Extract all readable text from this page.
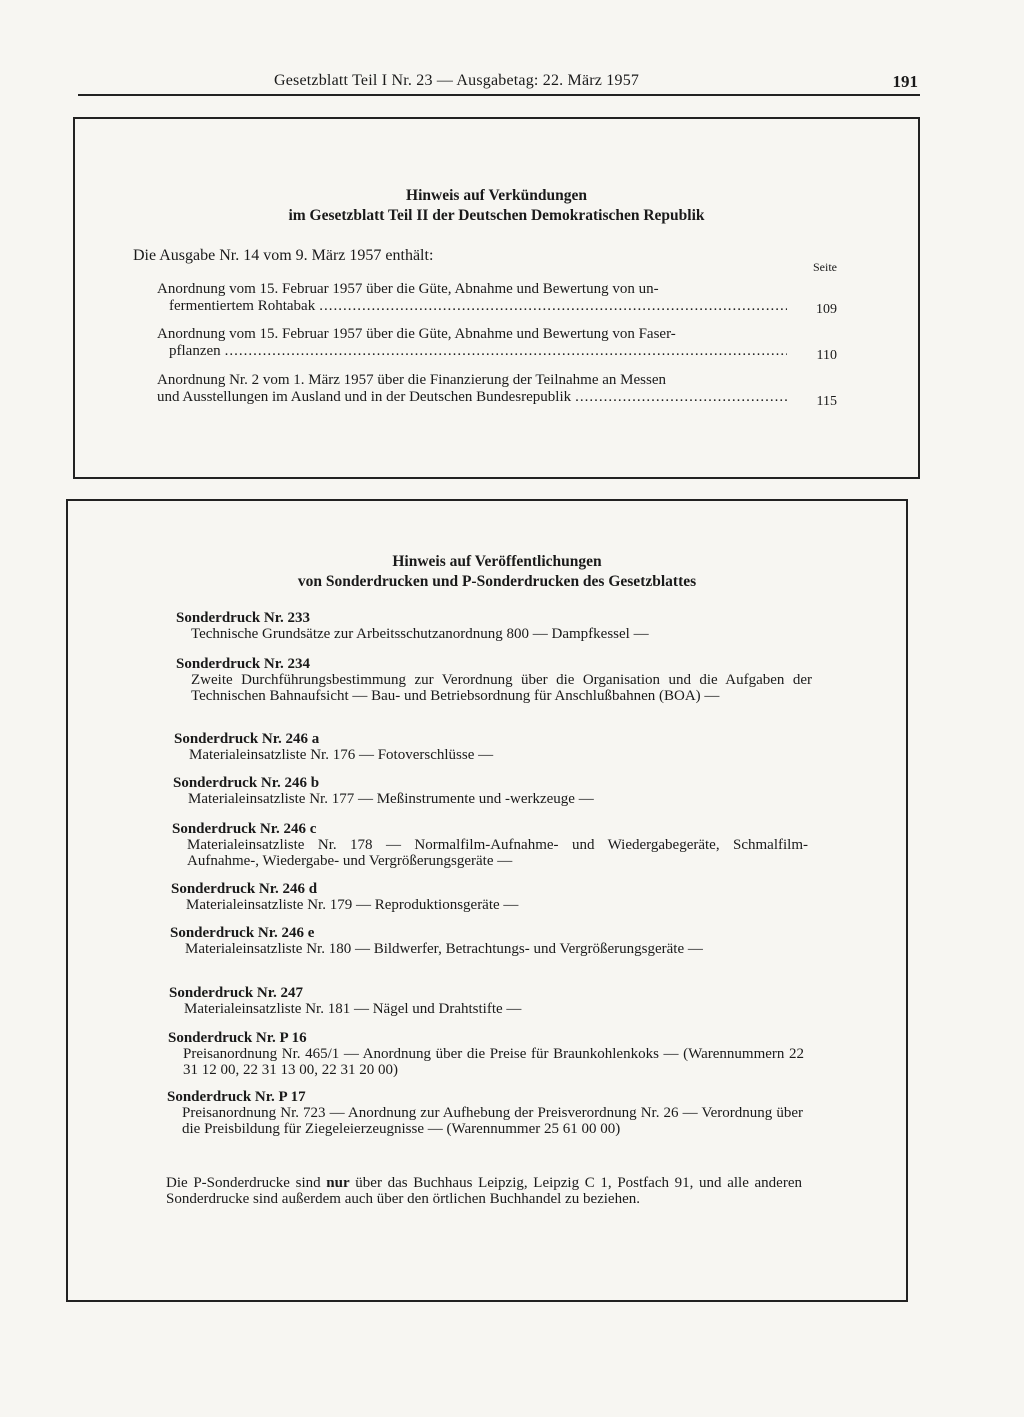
Gesetzblatt Teil I Nr. 23 — Ausgabetag: 22. März 1957	191
Hinweis auf Verkündungen
im Gesetzblatt Teil II der Deutschen Demokratischen Republik
Die Ausgabe Nr. 14 vom 9. März 1957 enthält:
Seite
Anordnung vom 15. Februar 1957 über die Güte, Abnahme und Bewertung von un-
fermentiertem Rohtabak .....	109
Anordnung vom 15. Februar 1957 über die Güte, Abnahme und Bewertung von Faser-
pflanzen .....	110
Anordnung Nr. 2 vom 1. März 1957 über die Finanzierung der Teilnahme an Messen
und Ausstellungen im Ausland und in der Deutschen Bundesrepublik .....	115
Hinweis auf Veröffentlichungen
von Sonderdrucken und P-Sonderdrucken des Gesetzblattes
Sonderdruck Nr. 233
Technische Grundsätze zur Arbeitsschutzanordnung 800 — Dampfkessel —
Sonderdruck Nr. 234
Zweite Durchführungsbestimmung zur Verordnung über die Organisation und die Aufgaben der Technischen Bahnaufsicht — Bau- und Betriebsordnung für Anschlußbahnen (BOA) —
Sonderdruck Nr. 246 a
Materialeinsatzliste Nr. 176 — Fotoverschlüsse —
Sonderdruck Nr. 246 b
Materialeinsatzliste Nr. 177 — Meßinstrumente und -werkzeuge —
Sonderdruck Nr. 246 c
Materialeinsatzliste Nr. 178 — Normalfilm-Aufnahme- und Wiedergabegeräte, Schmalfilm-Aufnahme-, Wiedergabe- und Vergrößerungsgeräte —
Sonderdruck Nr. 246 d
Materialeinsatzliste Nr. 179 — Reproduktionsgeräte —
Sonderdruck Nr. 246 e
Materialeinsatzliste Nr. 180 — Bildwerfer, Betrachtungs- und Vergrößerungsgeräte —
Sonderdruck Nr. 247
Materialeinsatzliste Nr. 181 — Nägel und Drahtstifte —
Sonderdruck Nr. P 16
Preisanordnung Nr. 465/1 — Anordnung über die Preise für Braunkohlenkoks — (Warennummern 22 31 12 00, 22 31 13 00, 22 31 20 00)
Sonderdruck Nr. P 17
Preisanordnung Nr. 723 — Anordnung zur Aufhebung der Preisverordnung Nr. 26 — Verordnung über die Preisbildung für Ziegeleierzeugnisse — (Warennummer 25 61 00 00)
Die P-Sonderdrucke sind nur über das Buchhaus Leipzig, Leipzig C 1, Postfach 91, und alle anderen Sonderdrucke sind außerdem auch über den örtlichen Buchhandel zu beziehen.
